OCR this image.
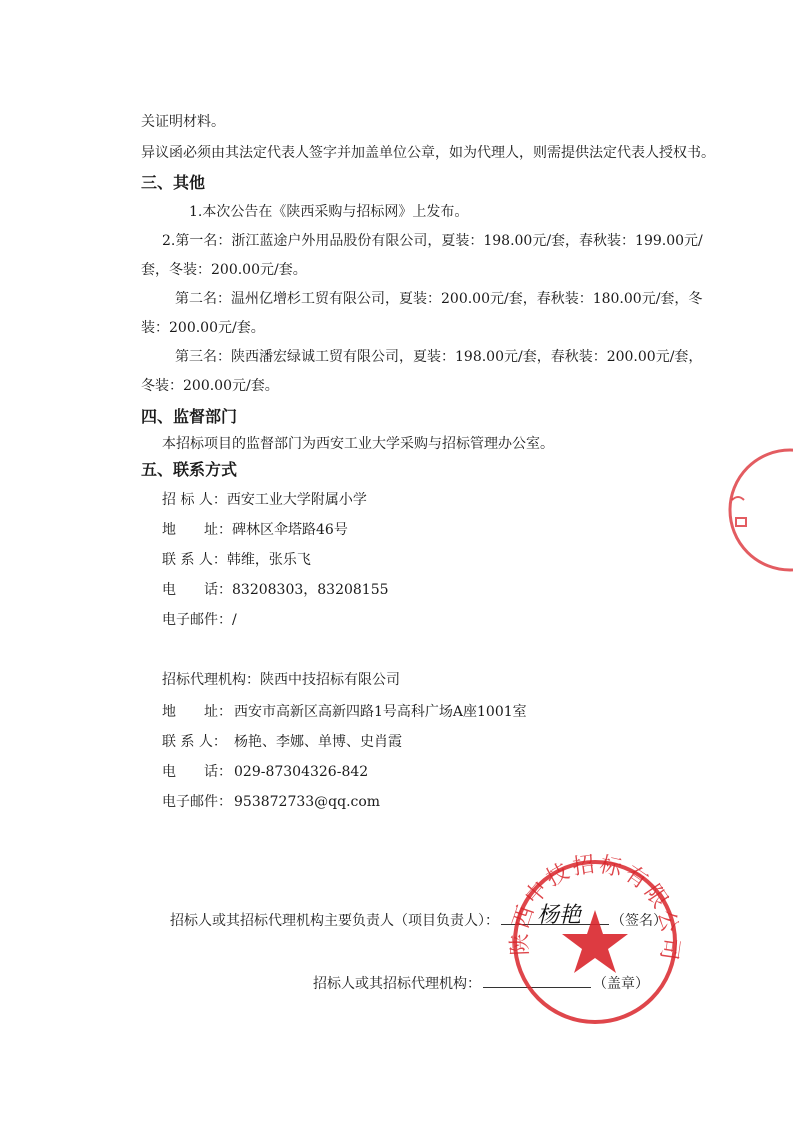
关证明材料。
异议函必须由其法定代表人签字并加盖单位公章，如为代理人，则需提供法定代表人授权书。
三、其他
1.本次公告在《陕西采购与招标网》上发布。
2.第一名：浙江蓝途户外用品股份有限公司，夏装：198.00元/套，春秋装：199.00元/
套，冬装：200.00元/套。
第二名：温州亿增杉工贸有限公司，夏装：200.00元/套，春秋装：180.00元/套，冬
装：200.00元/套。
第三名：陕西潘宏绿诚工贸有限公司，夏装：198.00元/套，春秋装：200.00元/套，
冬装：200.00元/套。
四、监督部门
本招标项目的监督部门为西安工业大学采购与招标管理办公室。
五、联系方式
招 标 人：西安工业大学附属小学
地　　址：碑林区伞塔路46号
联 系 人：韩维，张乐飞
电　　话：83208303，83208155
电子邮件：/
招标代理机构：陕西中技招标有限公司
地　　址： 西安市高新区高新四路1号高科广场A座1001室
联 系 人： 杨艳、李娜、单博、史肖霞
电　　话： 029-87304326-842
电子邮件： 953872733@qq.com
招标人或其招标代理机构主要负责人（项目负责人）：	（签名）
招标人或其招标代理机构：	（盖章）
杨艳
陕西中技招标有限公司
